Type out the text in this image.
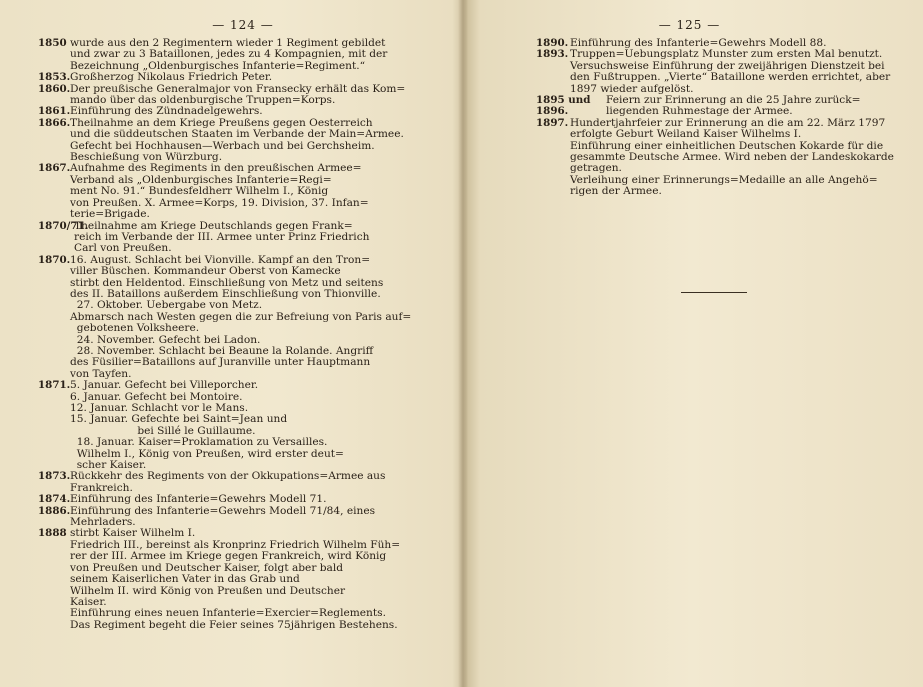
— 124 —
1850 wurde aus den 2 Regimentern wieder 1 Regiment gebildet
und zwar zu 3 Bataillonen, jedes zu 4 Kompagnien, mit der
Bezeichnung „Oldenburgisches Infanterie=Regiment.“
1853. Großherzog Nikolaus Friedrich Peter.
1860. Der preußische Generalmajor von Fransecky erhält das Kom=
mando über das oldenburgische Truppen=Korps.
1861. Einführung des Zündnadelgewehrs.
1866. Theilnahme an dem Kriege Preußens gegen Oesterreich
und die süddeutschen Staaten im Verbande der Main=Armee.
Gefecht bei Hochhausen—Werbach und bei Gerchsheim.
Beschießung von Würzburg.
1867. Aufnahme des Regiments in den preußischen Armee=
Verband als „Oldenburgisches Infanterie=Regi=
ment No. 91.“ Bundesfeldherr Wilhelm I., König
von Preußen. X. Armee=Korps, 19. Division, 37. Infan=
terie=Brigade.
1870/71.
Theilnahme am Kriege Deutschlands gegen Frank=
reich im Verbande der III. Armee unter Prinz Friedrich
Carl von Preußen.
1870. 16. August. Schlacht bei Vionville. Kampf an den Tron=
viller Büschen. Kommandeur Oberst von Kamecke
stirbt den Heldentod. Einschließung von Metz und seitens
des II. Bataillons außerdem Einschließung von Thionville.
27. Oktober. Uebergabe von Metz.
Abmarsch nach Westen gegen die zur Befreiung von Paris auf=
gebotenen Volksheere.
24. November. Gefecht bei Ladon.
28. November. Schlacht bei Beaune la Rolande. Angriff
des Füsilier=Bataillons auf Juranville unter Hauptmann
von Tayfen.
1871. 5. Januar. Gefecht bei Villeporcher.
6. Januar. Gefecht bei Montoire.
12. Januar. Schlacht vor le Mans.
15. Januar. Gefechte bei Saint=Jean und
bei Sillé le Guillaume.
18. Januar. Kaiser=Proklamation zu Versailles.
Wilhelm I., König von Preußen, wird erster deut=
scher Kaiser.
1873. Rückkehr des Regiments von der Okkupations=Armee aus
Frankreich.
1874. Einführung des Infanterie=Gewehrs Modell 71.
1886. Einführung des Infanterie=Gewehrs Modell 71/84, eines
Mehrladers.
1888 stirbt Kaiser Wilhelm I.
Friedrich III., bereinst als Kronprinz Friedrich Wilhelm Füh=
rer der III. Armee im Kriege gegen Frankreich, wird König
von Preußen und Deutscher Kaiser, folgt aber bald
seinem Kaiserlichen Vater in das Grab und
Wilhelm II. wird König von Preußen und Deutscher
Kaiser.
Einführung eines neuen Infanterie=Exercier=Reglements.
Das Regiment begeht die Feier seines 75jährigen Bestehens.
— 125 —
1890. Einführung des Infanterie=Gewehrs Modell 88.
1893. Truppen=Uebungsplatz Munster zum ersten Mal benutzt.
Versuchsweise Einführung der zweijährigen Dienstzeit bei
den Fußtruppen. „Vierte“ Bataillone werden errichtet, aber
1897 wieder aufgelöst.
1895 und 1896.
Feiern zur Erinnerung an die 25 Jahre zurück=
liegenden Ruhmestage der Armee.
1897. Hundertjahrfeier zur Erinnerung an die am 22. März 1797
erfolgte Geburt Weiland Kaiser Wilhelms I.
Einführung einer einheitlichen Deutschen Kokarde für die
gesammte Deutsche Armee. Wird neben der Landeskokarde
getragen.
Verleihung einer Erinnerungs=Medaille an alle Angehö=
rigen der Armee.
